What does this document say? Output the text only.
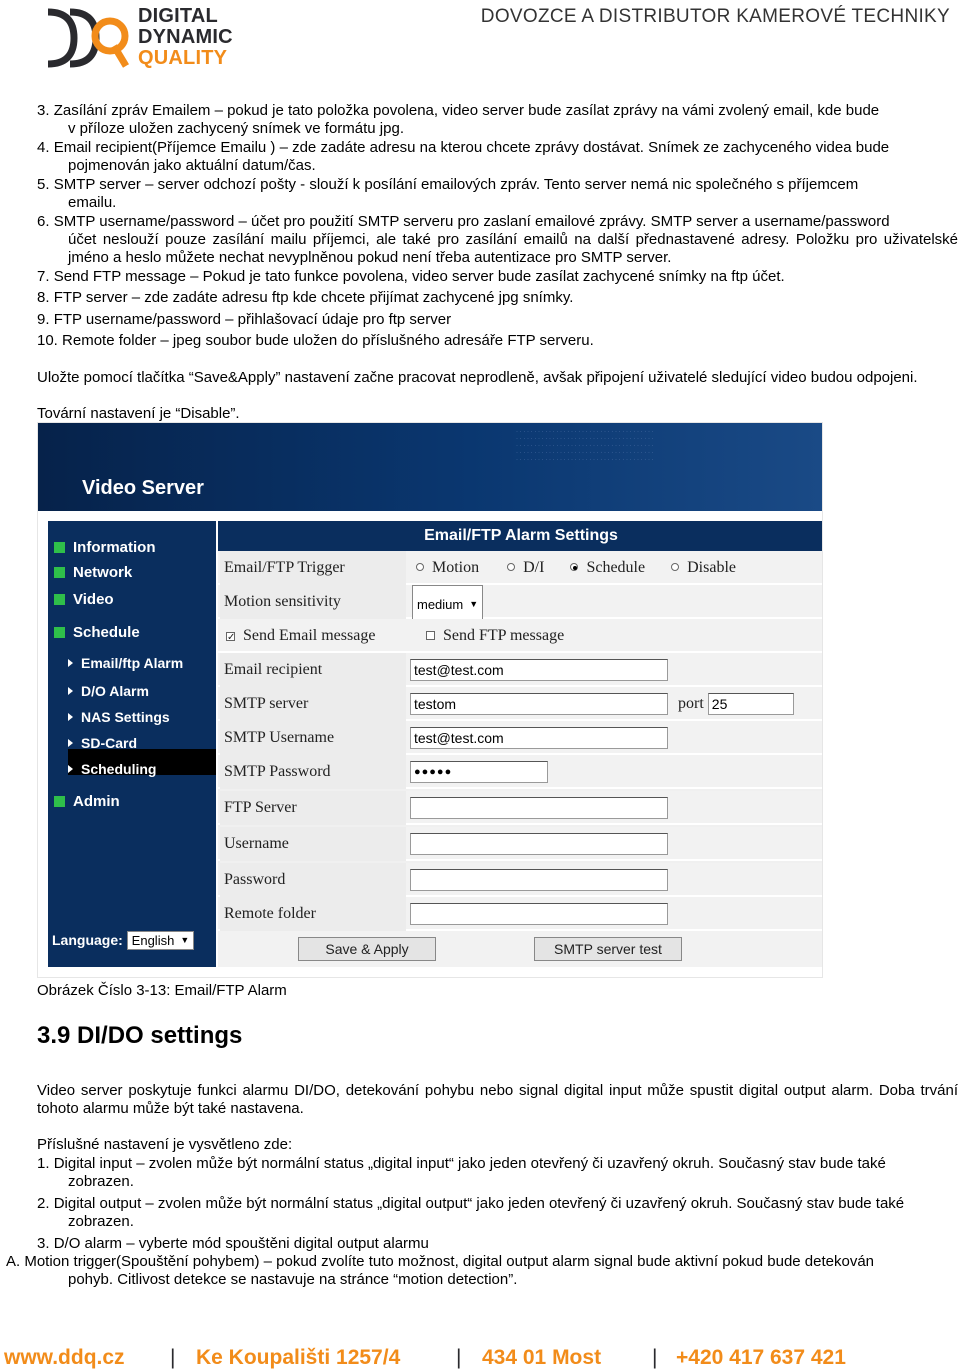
DIGITAL
DYNAMIC
QUALITY
DOVOZCE A DISTRIBUTOR KAMEROVÉ TECHNIKY
3. Zasílání zpráv Emailem – pokud je tato položka povolena, video server bude zasílat zprávy na vámi zvolený email, kde bude
v příloze uložen zachycený snímek ve formátu jpg.
4. Email recipient(Příjemce Emailu ) – zde zadáte adresu na kterou chcete zprávy dostávat. Snímek ze zachyceného videa bude
pojmenován jako aktuální datum/čas.
5. SMTP server – server odchozí pošty - slouží k posílání emailových zpráv. Tento server nemá nic společného s příjemcem
emailu.
6. SMTP username/password – účet pro použití SMTP serveru pro zaslaní emailové zprávy. SMTP server a username/password
účet neslouží pouze zasílání mailu příjemci, ale také pro zasílání emailů na další přednastavené adresy. Položku pro uživatelské jméno a heslo můžete nechat nevyplněnou pokud není třeba autentizace pro SMTP server.
7. Send FTP message – Pokud je tato funkce povolena, video server bude zasílat zachycené snímky na ftp účet.
8. FTP server – zde zadáte adresu ftp kde chcete přijímat zachycené jpg snímky.
9. FTP username/password – přihlašovací údaje pro ftp server
10. Remote folder – jpeg soubor bude uložen do příslušného adresáře FTP serveru.
Uložte pomocí tlačítka “Save&Apply” nastavení začne pracovat neprodleně, avšak připojení uživatelé sledující video budou odpojeni.
Tovární nastavení je “Disable”.
· · · · · · · · · · · · · · · · · · · · · · · · · · · · · · · · · · · · · ·
· · · · · · · · · · · · · · · · · · · · · · · · · · · · · · · · · · · · · ·
· · · · · · · · · · · · · · · · · · · · · · · · · · · · · · · · · · · · · ·
· · · · · · · · · · · · · · · · · · · · · · · · · · · · · · · · · · · · · ·
· · · · · · · · · · · · · · · · · · · · · · · · · · · · · · · · · · · · · ·
Video Server
Information
Network
Video
Schedule
Email/ftp Alarm
D/O Alarm
NAS Settings
SD-Card
Scheduling
Admin
Language: English ▼
Email/FTP Alarm Settings
Email/FTP Trigger	Motion	D/I	Schedule	Disable
Motion sensitivity	medium ▼
✓ Send Email message	Send FTP message
Email recipient	test@test.com
SMTP server	testom	port 25
SMTP Username	test@test.com
SMTP Password	●●●●●
FTP Server
Username
Password
Remote folder
Save & Apply	SMTP server test
Obrázek Číslo 3-13: Email/FTP Alarm
3.9 DI/DO settings
Video server poskytuje funkci alarmu DI/DO, detekování pohybu nebo signal digital input může spustit digital output alarm. Doba trvání tohoto alarmu může být také nastavena.
Příslušné nastavení je vysvětleno zde:
1. Digital input – zvolen může být normální status „digital input“ jako jeden otevřený či uzavřený okruh. Současný stav bude také
zobrazen.
2. Digital output – zvolen může být normální status „digital output“ jako jeden otevřený či uzavřený okruh. Současný stav bude také
zobrazen.
3. D/O alarm – vyberte mód spouštěni digital output alarmu
A. Motion trigger(Spouštění pohybem) – pokud zvolíte tuto možnost, digital output alarm signal bude aktivní pokud bude detekován
pohyb. Citlivost detekce se nastavuje na stránce “motion detection”.
www.ddq.cz | Ke Koupališti 1257/4	| 434 01 Most | +420 417 637 421
